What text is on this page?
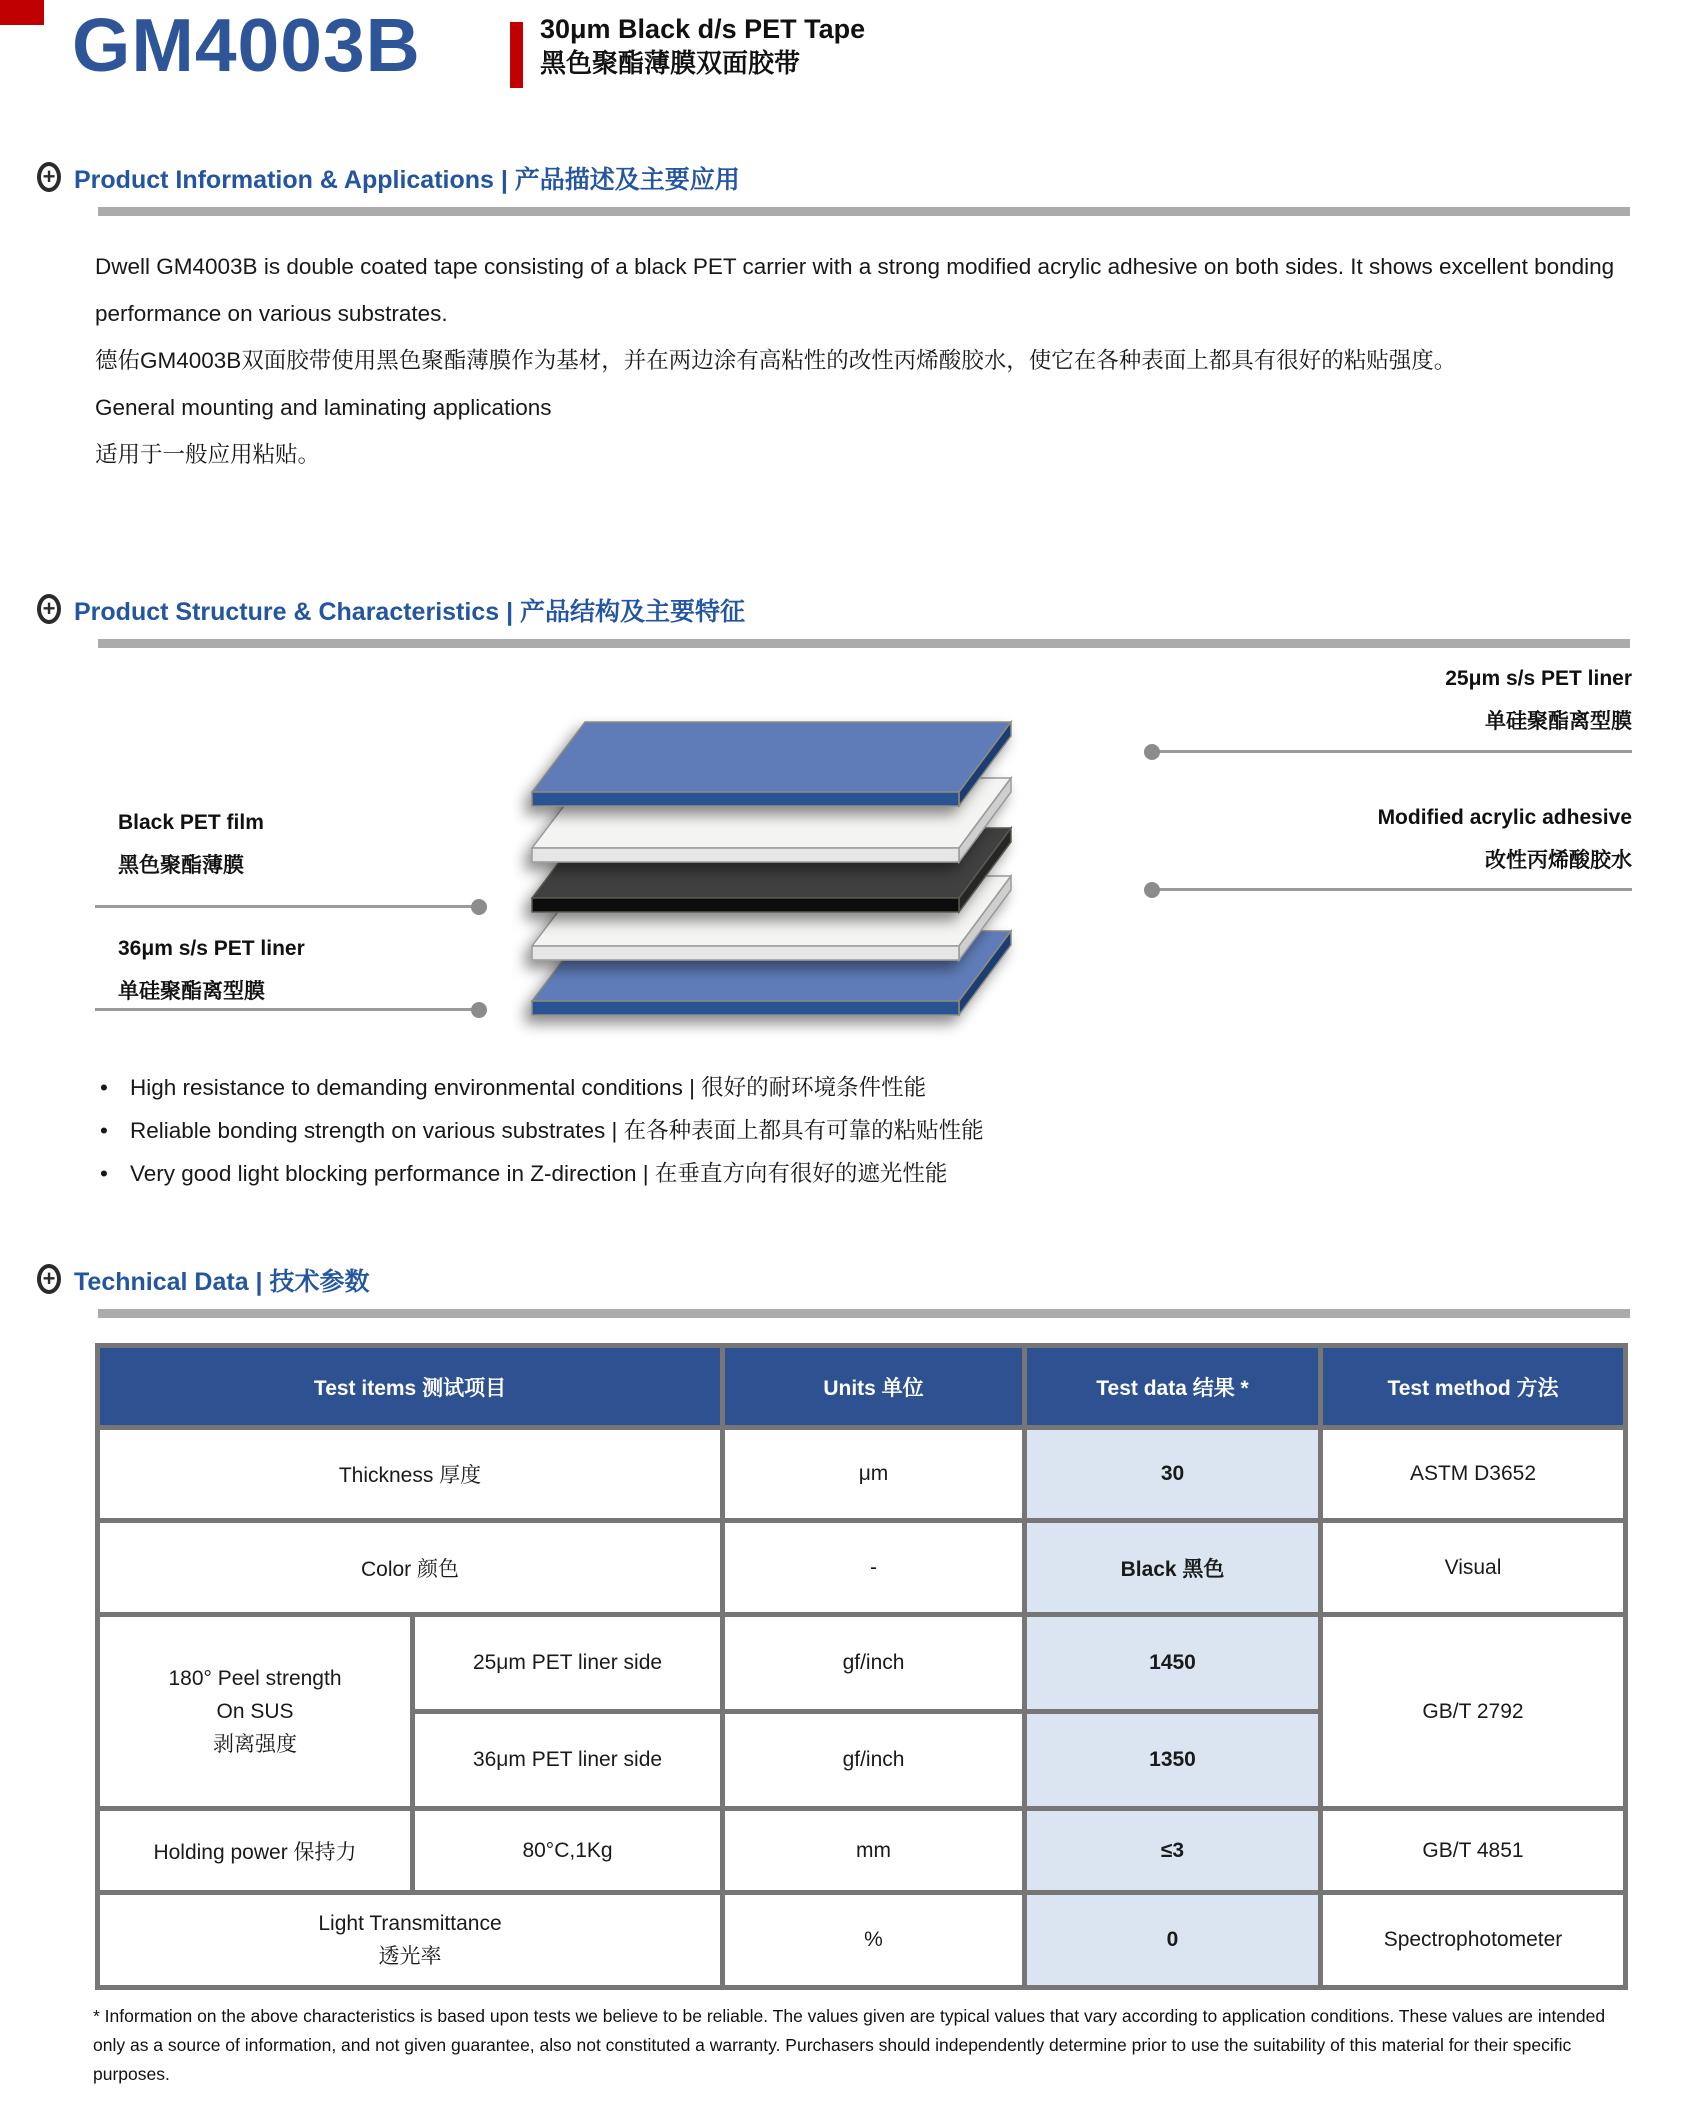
GM4003B	30μm Black d/s PET Tape
黑色聚酯薄膜双面胶带
+ Product Information & Applications | 产品描述及主要应用
Dwell GM4003B is double coated tape consisting of a black PET carrier with a strong modified acrylic adhesive on both sides. It shows excellent bonding performance on various substrates.
德佑GM4003B双面胶带使用黑色聚酯薄膜作为基材，并在两边涂有高粘性的改性丙烯酸胶水，使它在各种表面上都具有很好的粘贴强度。
General mounting and laminating applications
适用于一般应用粘贴。
+ Product Structure & Characteristics | 产品结构及主要特征
Black PET film
黑色聚酯薄膜
36μm s/s PET liner
单硅聚酯离型膜
25μm s/s PET liner
单硅聚酯离型膜
Modified acrylic adhesive
改性丙烯酸胶水
• High resistance to demanding environmental conditions | 很好的耐环境条件性能
• Reliable bonding strength on various substrates | 在各种表面上都具有可靠的粘贴性能
• Very good light blocking performance in Z-direction | 在垂直方向有很好的遮光性能
+ Technical Data | 技术参数
Test items 测试项目		Units 单位	Test data 结果 *	Test method 方法
Thickness 厚度		μm	30	ASTM D3652
Color 颜色		-	Black 黑色	Visual

180° Peel strength
On SUS
剥离强度	25μm PET liner side	gf/inch	1450	GB/T 2792
	36μm PET liner side	gf/inch	1350	
Holding power 保持力	80°C,1Kg	mm	≤3	GB/T 4851

Light Transmittance
透光率		%	0	Spectrophotometer
* Information on the above characteristics is based upon tests we believe to be reliable. The values given are typical values that vary according to application conditions. These values are intended only as a source of information, and not given guarantee, also not constituted a warranty. Purchasers should independently determine prior to use the suitability of this material for their specific purposes.
